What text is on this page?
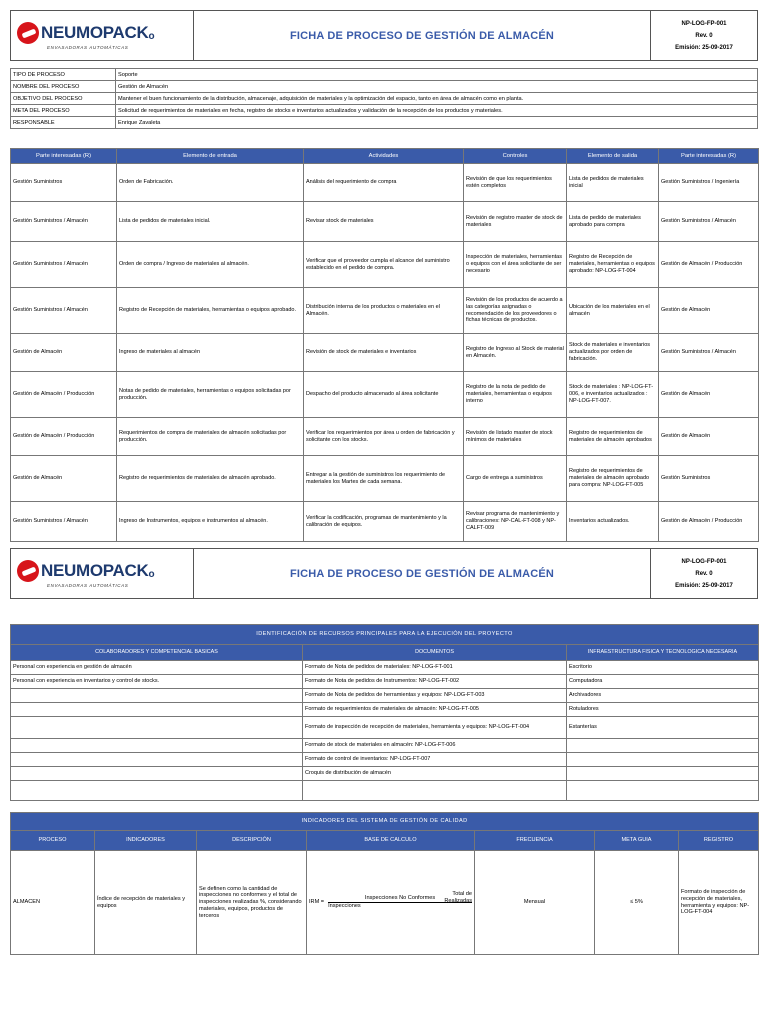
NEUMOPACKo
ENVASADORAS AUTOMÁTICAS
	FICHA DE PROCESO DE GESTIÓN DE ALMACÉN	
NP-LOG-FP-001
Rev. 0
Emisión: 25-09-2017
TIPO DE PROCESO	Soporte
NOMBRE DEL PROCESO	Gestión de Almacén
OBJETIVO DEL PROCESO	Mantener el buen funcionamiento de la distribución, almacenaje, adquisición de materiales y la optimización del espacio, tanto en área de almacén como en planta.
META DEL PROCESO	Solicitud de requerimientos de materiales en fecha, registro de stocks e inventarios actualizados y validación de la recepción de los productos y materiales.
RESPONSABLE	Enrique Zavaleta
Parte interesadas (R)	Elemento de entrada	Actividades	Controles	Elemento de salida	Parte interesadas (R)
Gestión Suministros	Orden de Fabricación.	Análisis del requerimiento de compra	Revisión de que los requerimientos estén completos	Lista de pedidos de materiales inicial	Gestión Suministros / Ingeniería
Gestión Suministros / Almacén	Lista de pedidos de materiales inicial.	Revisar stock de materiales	Revisión de registro master de stock de materiales	Lista de pedido de materiales aprobado para compra	Gestión Suministros / Almacén
Gestión Suministros / Almacén	Orden de compra / Ingreso de materiales al almacén.	Verificar que el proveedor cumpla el alcance del suministro establecido en el pedido de compra.	Inspección de materiales, herramientas o equipos con el área solicitante de ser necesario	Registro de Recepción de materiales, herramientas o equipos aprobado: NP-LOG-FT-004	Gestión de Almacén / Producción
Gestión Suministros / Almacén	Registro de Recepción de materiales, herramientas o equipos aprobado.	Distribución interna de los productos o materiales en el Almacén.	Revisión de los productos de acuerdo a las categorías asignadas o recomendación de los proveedores o fichas técnicas de productos.	Ubicación de los materiales en el almacén	Gestión de Almacén
Gestión de Almacén	Ingreso de materiales al almacén	Revisión de stock de materiales e inventarios	Registro de Ingreso al Stock de material en Almacén.	Stock de materiales e inventarios actualizados por orden de fabricación.	Gestión Suministros / Almacén
Gestión de Almacén / Producción	Notas de pedido de materiales, herramientas o equipos solicitadas por producción.	Despacho del producto almacenado al área solicitante	Registro de la nota de pedido de materiales, herramientas o equipos interno	Stock de materiales : NP-LOG-FT-006, e inventarios actualizados : NP-LOG-FT-007.	Gestión de Almacén
Gestión de Almacén / Producción	Requerimientos de compra de materiales de almacén solicitadas por producción.	Verificar los requerimientos por área u orden de fabricación y solicitante con los stocks.	Revisión de listado master de stock mínimos de materiales	Registro de requerimientos de materiales de almacén aprobados	Gestión de Almacén
Gestión de Almacén	Registro de requerimientos de materiales de almacén aprobado.	Entregar a la gestión de suministros los requerimiento de materiales los Martes de cada semana.	Cargo de entrega a suministros	Registro de requerimientos de materiales de almacén aprobado para compra: NP-LOG-FT-005	Gestión Suministros
Gestión Suministros / Almacén	Ingreso de Instrumentos, equipos e instrumentos al almacén.	Verificar la codificación, programas de mantenimiento y la calibración de equipos.	Revisar programa de mantenimiento y calibraciones: NP-CAL-FT-008 y NP-CALFT-009	Inventarios actualizados.	Gestión de Almacén / Producción
NEUMOPACKo
ENVASADORAS AUTOMÁTICAS
	FICHA DE PROCESO DE GESTIÓN DE ALMACÉN	
NP-LOG-FP-001
Rev. 0
Emisión: 25-09-2017
IDENTIFICACIÓN DE RECURSOS PRINCIPALES PARA LA EJECUCIÓN DEL PROYECTO		
COLABORADORES Y COMPETENCIAL BASICAS	DOCUMENTOS	INFRAESTRUCTURA FISICA Y TECNOLOGICA NECESARIA
Personal con experiencia en gestión de almacén	Formato de Nota de pedidos de materiales: NP-LOG-FT-001	Escritorio
Personal con experiencia en inventarios y control de stocks.	Formato de Nota de pedidos de Instrumentos: NP-LOG-FT-002	Computadora
	Formato de Nota de pedidos de herramientas y equipos: NP-LOG-FT-003	Archivadores
	Formato de requerimientos de materiales de almacén: NP-LOG-FT-005	Rotuladores
	Formato de inspección de recepción de materiales, herramienta y equipos: NP-LOG-FT-004	Estanterías
	Formato de stock de materiales en almacén: NP-LOG-FT-006	
	Formato de control de inventarios: NP-LOG-FT-007	
	Croquis de distribución de almacén	

INDICADORES DEL SISTEMA DE GESTIÓN DE CALIDAD						
PROCESO	INDICADORES	DESCRIPCIÓN	BASE DE CALCULO	FRECUENCIA	META GUIA	REGISTRO
ALMACEN	Índice de recepción de materiales y equipos	Se definen como la cantidad de inspecciones no conformes y el total de inspecciones realizadas %, considerando materiales, equipos, productos de terceros	IRM = Inspecciones No Conformes
Inspecciones
Total de
Realizadas	Mensual	≤ 5%	Formato de inspección de recepción de materiales, herramienta y equipos: NP-LOG-FT-004
